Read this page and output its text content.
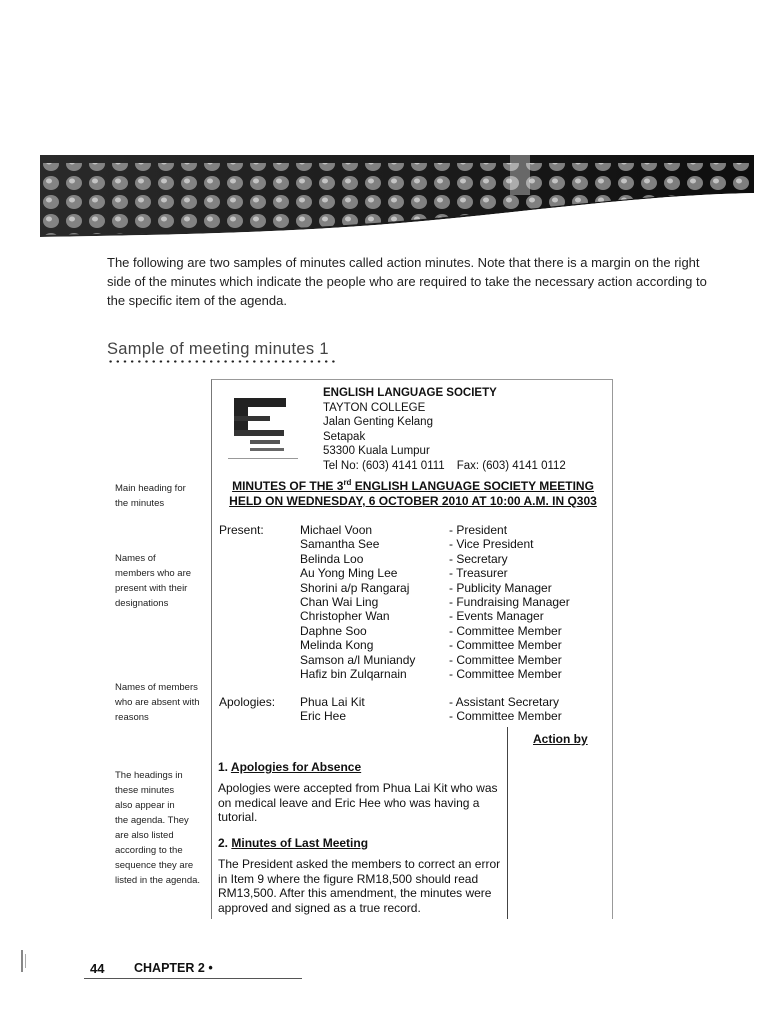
The following are two samples of minutes called action minutes. Note that there is a margin on the right side of the minutes which indicate the people who are required to take the necessary action according to the specific item of the agenda.
Sample of meeting minutes 1
Main heading for
the minutes
Names of
members who are
present with their
designations
Names of members
who are absent with
reasons
The headings in
these minutes
also appear in
the agenda. They
are also listed
according to the
sequence they are
listed in the agenda.
ENGLISH LANGUAGE SOCIETY
TAYTON COLLEGE
Jalan Genting Kelang
Setapak
53300 Kuala Lumpur
Tel No: (603) 4141 0111 Fax: (603) 4141 0112
MINUTES OF THE 3rd ENGLISH LANGUAGE SOCIETY MEETING
HELD ON WEDNESDAY, 6 OCTOBER 2010 AT 10:00 A.M. IN Q303
Present:	Michael Voon
Samantha See
Belinda Loo
Au Yong Ming Lee
Shorini a/p Rangaraj
Chan Wai Ling
Christopher Wan
Daphne Soo
Melinda Kong
Samson a/l Muniandy
Hafiz bin Zulqarnain
- President
- Vice President
- Secretary
- Treasurer
- Publicity Manager
- Fundraising Manager
- Events Manager
- Committee Member
- Committee Member
- Committee Member
- Committee Member
Apologies: Phua Lai Kit
Eric Hee
- Assistant Secretary
- Committee Member
Action by
1. Apologies for Absence
Apologies were accepted from Phua Lai Kit who was on medical leave and Eric Hee who was having a tutorial.
2. Minutes of Last Meeting
The President asked the members to correct an error in Item 9 where the figure RM18,500 should read RM13,500. After this amendment, the minutes were approved and signed as a true record.
44 CHAPTER 2 •
